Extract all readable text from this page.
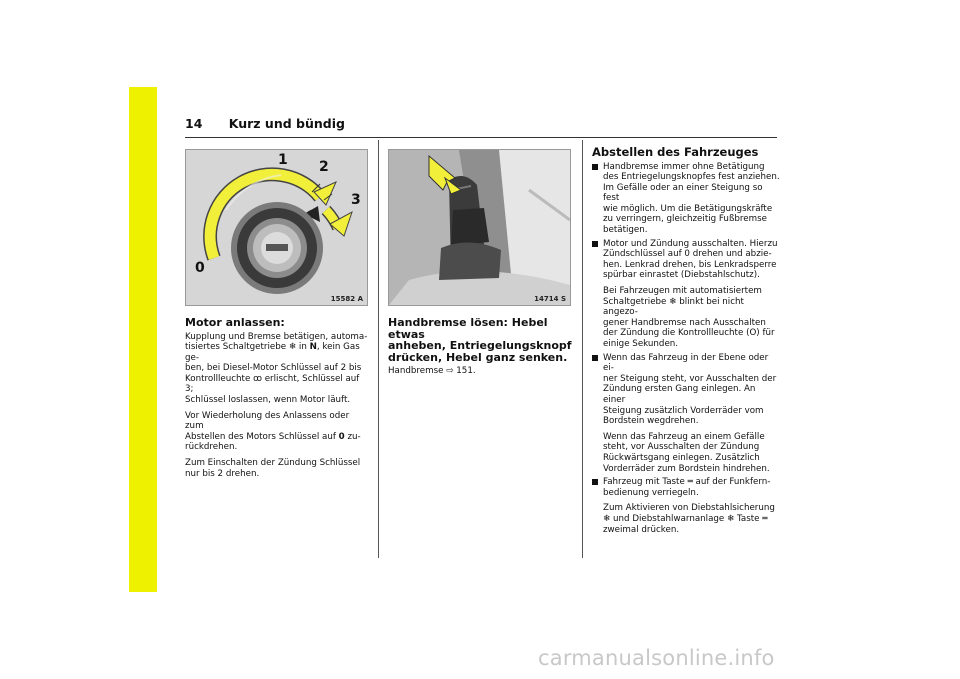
14 Kurz und bündig
1 2
3
0
15582 A	14714 S
Motor anlassen:
Kupplung und Bremse betätigen, automa-
tisiertes Schaltgetriebe ❄ in N, kein Gas ge-
ben, bei Diesel-Motor Schlüssel auf 2 bis
Kontrollleuchte ꝏ erlischt, Schlüssel auf 3;
Schlüssel loslassen, wenn Motor läuft.
Vor Wiederholung des Anlassens oder zum
Abstellen des Motors Schlüssel auf 0 zu-
rückdrehen.
Zum Einschalten der Zündung Schlüssel
nur bis 2 drehen.
Handbremse lösen: Hebel etwas
anheben, Entriegelungsknopf
drücken, Hebel ganz senken.
Handbremse ⇨ 151.
Abstellen des Fahrzeuges
Handbremse immer ohne Betätigung
des Entriegelungsknopfes fest anziehen.
Im Gefälle oder an einer Steigung so fest
wie möglich. Um die Betätigungskräfte
zu verringern, gleichzeitig Fußbremse
betätigen.
Motor und Zündung ausschalten. Hierzu
Zündschlüssel auf 0 drehen und abzie-
hen. Lenkrad drehen, bis Lenkradsperre
spürbar einrastet (Diebstahlschutz).
Bei Fahrzeugen mit automatisiertem
Schaltgetriebe ❄ blinkt bei nicht angezo-
gener Handbremse nach Ausschalten
der Zündung die Kontrollleuchte (O) für
einige Sekunden.
Wenn das Fahrzeug in der Ebene oder ei-
ner Steigung steht, vor Ausschalten der
Zündung ersten Gang einlegen. An einer
Steigung zusätzlich Vorderräder vom
Bordstein wegdrehen.
Wenn das Fahrzeug an einem Gefälle
steht, vor Ausschalten der Zündung
Rückwärtsgang einlegen. Zusätzlich
Vorderräder zum Bordstein hindrehen.
Fahrzeug mit Taste ═ auf der Funkfern-
bedienung verriegeln.
Zum Aktivieren von Diebstahlsicherung
❄ und Diebstahlwarnanlage ❄ Taste ═
zweimal drücken.
carmanualsonline.info
